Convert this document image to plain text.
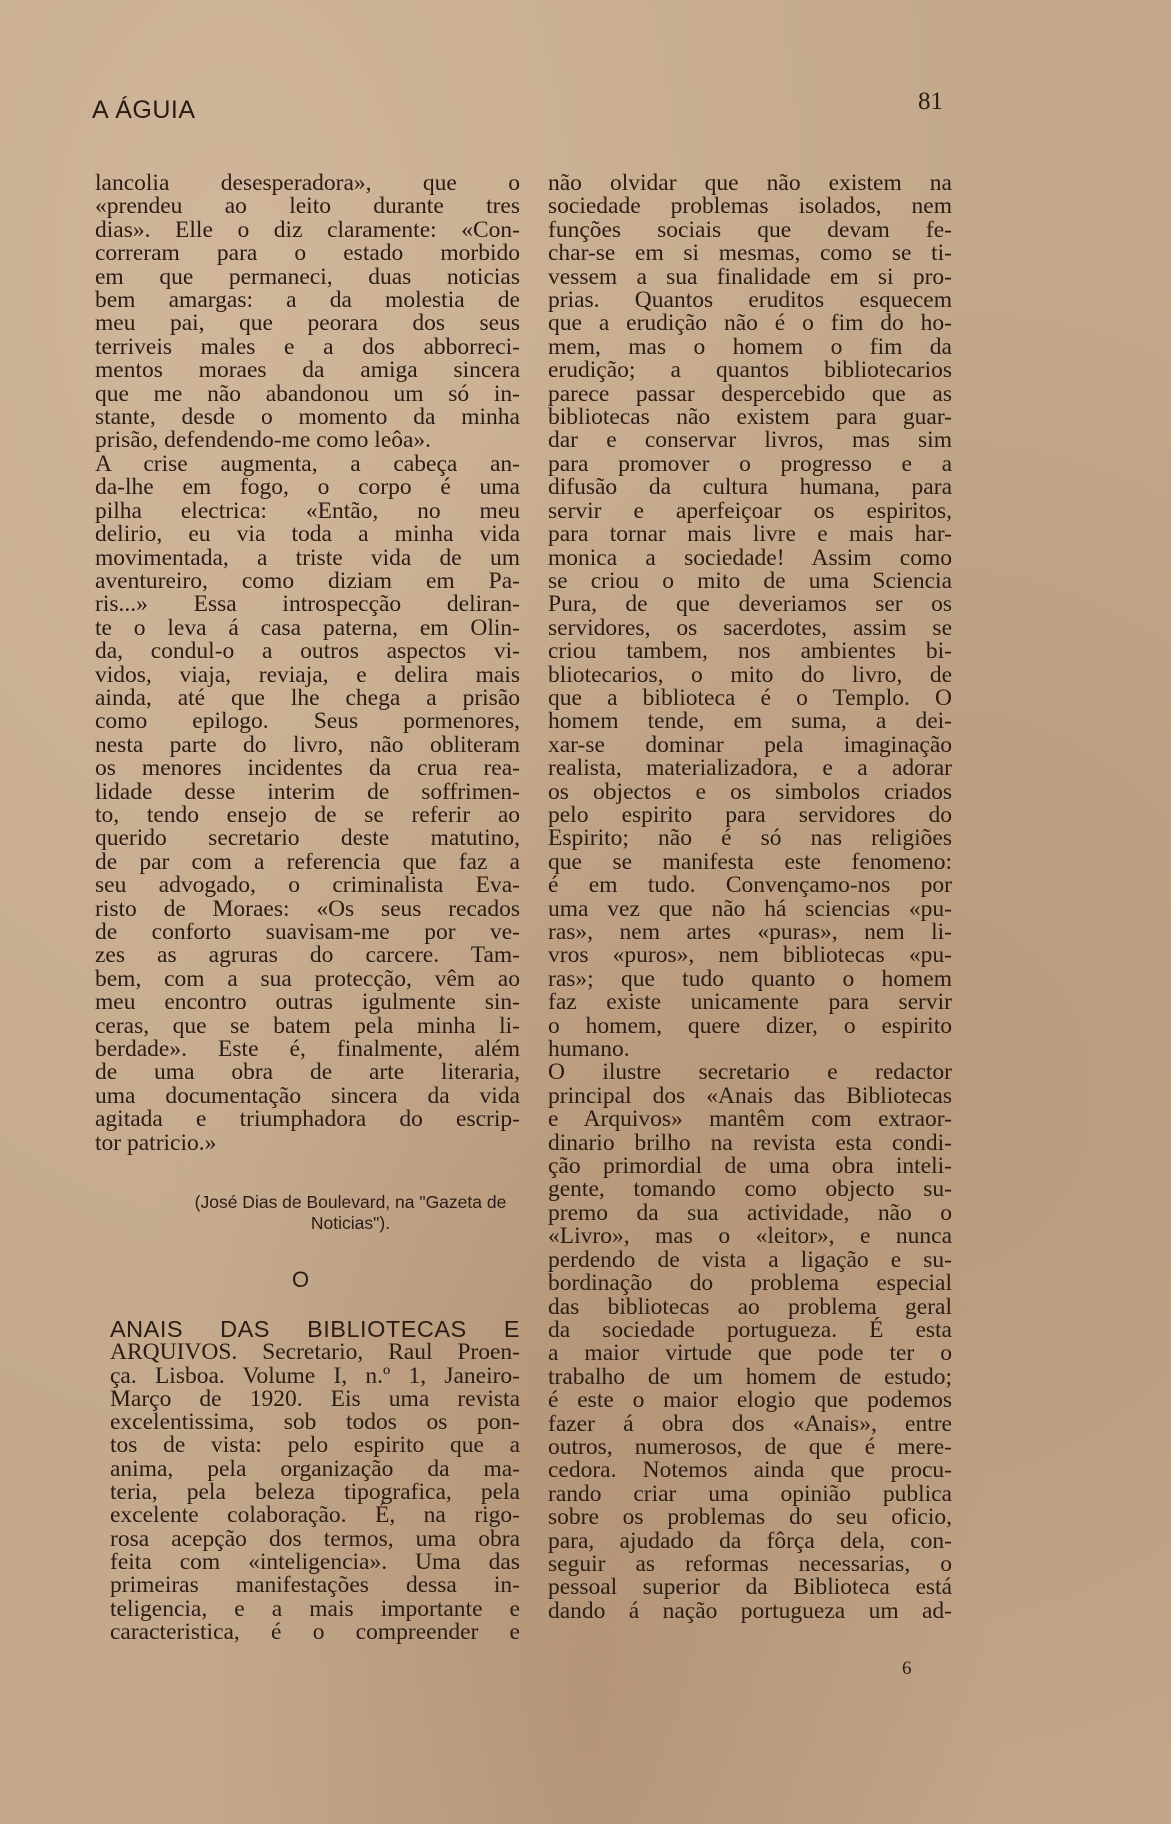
A ÁGUIA	81
lancolia desesperadora», que o
«prendeu ao leito durante tres
dias». Elle o diz claramente: «Con-
correram para o estado morbido
em que permaneci, duas noticias
bem amargas: a da molestia de
meu pai, que peorara dos seus
terriveis males e a dos abborreci-
mentos moraes da amiga sincera
que me não abandonou um só in-
stante, desde o momento da minha
prisão, defendendo-me como leôa».
A crise augmenta, a cabeça an-
da-lhe em fogo, o corpo é uma
pilha electrica: «Então, no meu
delirio, eu via toda a minha vida
movimentada, a triste vida de um
aventureiro, como diziam em Pa-
ris...» Essa introspecção deliran-
te o leva á casa paterna, em Olin-
da, condul-o a outros aspectos vi-
vidos, viaja, reviaja, e delira mais
ainda, até que lhe chega a prisão
como epilogo. Seus pormenores,
nesta parte do livro, não obliteram
os menores incidentes da crua rea-
lidade desse interim de soffrimen-
to, tendo ensejo de se referir ao
querido secretario deste matutino,
de par com a referencia que faz a
seu advogado, o criminalista Eva-
risto de Moraes: «Os seus recados
de conforto suavisam-me por ve-
zes as agruras do carcere. Tam-
bem, com a sua protecção, vêm ao
meu encontro outras igulmente sin-
ceras, que se batem pela minha li-
berdade». Este é, finalmente, além
de uma obra de arte literaria,
uma documentação sincera da vida
agitada e triumphadora do escrip-
tor patricio.»
(José Dias de Boulevard, na "Gazeta de Noticias").
O
ANAIS DAS BIBLIOTECAS E
ARQUIVOS. Secretario, Raul Proen-
ça. Lisboa. Volume I, n.º 1, Janeiro-
Março de 1920. Eis uma revista
excelentissima, sob todos os pon-
tos de vista: pelo espirito que a
anima, pela organização da ma-
teria, pela beleza tipografica, pela
excelente colaboração. É, na rigo-
rosa acepção dos termos, uma obra
feita com «inteligencia». Uma das
primeiras manifestações dessa in-
teligencia, e a mais importante e
caracteristica, é o compreender e
não olvidar que não existem na
sociedade problemas isolados, nem
funções sociais que devam fe-
char-se em si mesmas, como se ti-
vessem a sua finalidade em si pro-
prias. Quantos eruditos esquecem
que a erudição não é o fim do ho-
mem, mas o homem o fim da
erudição; a quantos bibliotecarios
parece passar despercebido que as
bibliotecas não existem para guar-
dar e conservar livros, mas sim
para promover o progresso e a
difusão da cultura humana, para
servir e aperfeiçoar os espiritos,
para tornar mais livre e mais har-
monica a sociedade! Assim como
se criou o mito de uma Sciencia
Pura, de que deveriamos ser os
servidores, os sacerdotes, assim se
criou tambem, nos ambientes bi-
bliotecarios, o mito do livro, de
que a biblioteca é o Templo. O
homem tende, em suma, a dei-
xar-se dominar pela imaginação
realista, materializadora, e a adorar
os objectos e os simbolos criados
pelo espirito para servidores do
Espirito; não é só nas religiões
que se manifesta este fenomeno:
é em tudo. Convençamo-nos por
uma vez que não há sciencias «pu-
ras», nem artes «puras», nem li-
vros «puros», nem bibliotecas «pu-
ras»; que tudo quanto o homem
faz existe unicamente para servir
o homem, quere dizer, o espirito
humano.
O ilustre secretario e redactor
principal dos «Anais das Bibliotecas
e Arquivos» mantêm com extraor-
dinario brilho na revista esta condi-
ção primordial de uma obra inteli-
gente, tomando como objecto su-
premo da sua actividade, não o
«Livro», mas o «leitor», e nunca
perdendo de vista a ligação e su-
bordinação do problema especial
das bibliotecas ao problema geral
da sociedade portugueza. É esta
a maior virtude que pode ter o
trabalho de um homem de estudo;
é este o maior elogio que podemos
fazer á obra dos «Anais», entre
outros, numerosos, de que é mere-
cedora. Notemos ainda que procu-
rando criar uma opinião publica
sobre os problemas do seu oficio,
para, ajudado da fôrça dela, con-
seguir as reformas necessarias, o
pessoal superior da Biblioteca está
dando á nação portugueza um ad-
6
